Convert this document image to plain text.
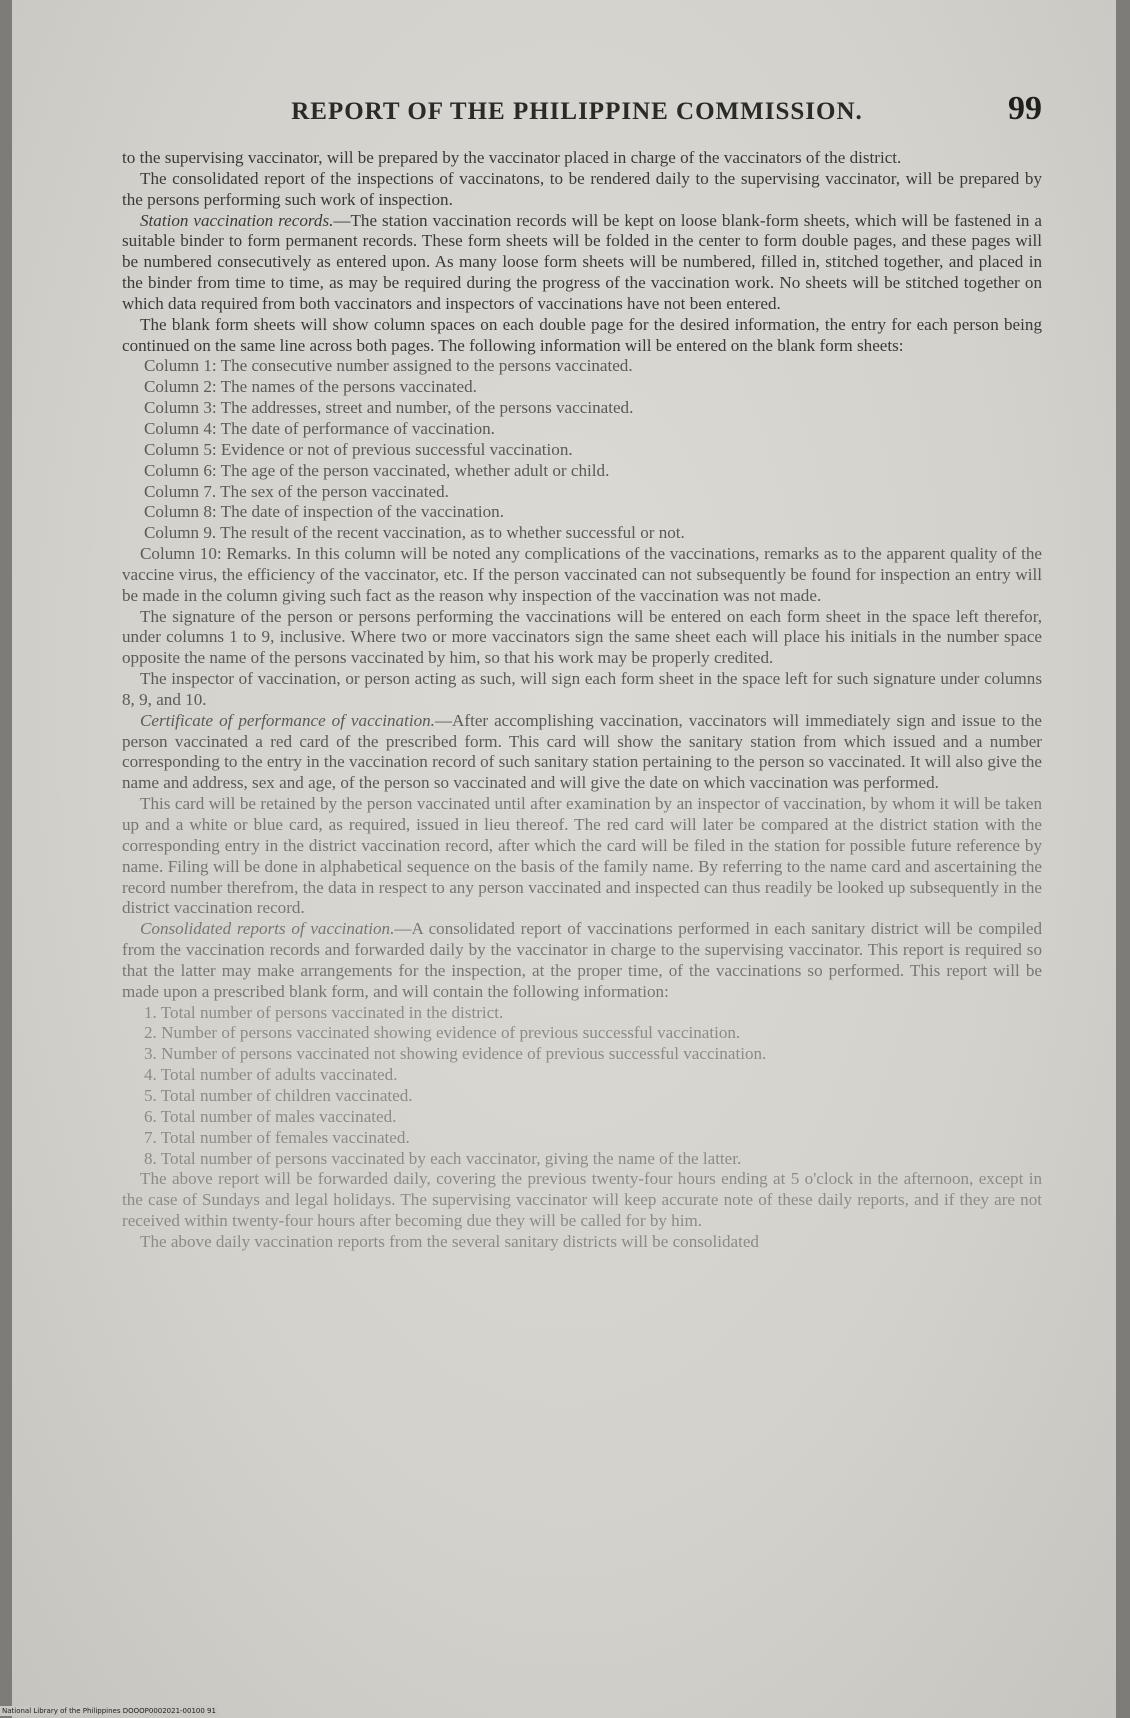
REPORT OF THE PHILIPPINE COMMISSION.	99

to the supervising vaccinator, will be prepared by the vaccinator placed in charge of the vaccinators of the district.

The consolidated report of the inspections of vaccinatons, to be rendered daily to the supervising vaccinator, will be prepared by the persons performing such work of inspection.

Station vaccination records.—The station vaccination records will be kept on loose blank-form sheets, which will be fastened in a suitable binder to form permanent records. These form sheets will be folded in the center to form double pages, and these pages will be numbered consecutively as entered upon. As many loose form sheets will be numbered, filled in, stitched together, and placed in the binder from time to time, as may be required during the progress of the vaccination work. No sheets will be stitched together on which data required from both vaccinators and inspectors of vaccinations have not been entered.

The blank form sheets will show column spaces on each double page for the desired information, the entry for each person being continued on the same line across both pages. The following information will be entered on the blank form sheets:

Column 1: The consecutive number assigned to the persons vaccinated.
Column 2: The names of the persons vaccinated.
Column 3: The addresses, street and number, of the persons vaccinated.
Column 4: The date of performance of vaccination.
Column 5: Evidence or not of previous successful vaccination.
Column 6: The age of the person vaccinated, whether adult or child.
Column 7. The sex of the person vaccinated.
Column 8: The date of inspection of the vaccination.
Column 9. The result of the recent vaccination, as to whether successful or not.

Column 10: Remarks. In this column will be noted any complications of the vaccinations, remarks as to the apparent quality of the vaccine virus, the efficiency of the vaccinator, etc. If the person vaccinated can not subsequently be found for inspection an entry will be made in the column giving such fact as the reason why inspection of the vaccination was not made.

The signature of the person or persons performing the vaccinations will be entered on each form sheet in the space left therefor, under columns 1 to 9, inclusive. Where two or more vaccinators sign the same sheet each will place his initials in the number space opposite the name of the persons vaccinated by him, so that his work may be properly credited.

The inspector of vaccination, or person acting as such, will sign each form sheet in the space left for such signature under columns 8, 9, and 10.

Certificate of performance of vaccination.—After accomplishing vaccination, vaccinators will immediately sign and issue to the person vaccinated a red card of the prescribed form. This card will show the sanitary station from which issued and a number corresponding to the entry in the vaccination record of such sanitary station pertaining to the person so vaccinated. It will also give the name and address, sex and age, of the person so vaccinated and will give the date on which vaccination was performed.

This card will be retained by the person vaccinated until after examination by an inspector of vaccination, by whom it will be taken up and a white or blue card, as required, issued in lieu thereof. The red card will later be compared at the district station with the corresponding entry in the district vaccination record, after which the card will be filed in the station for possible future reference by name. Filing will be done in alphabetical sequence on the basis of the family name. By referring to the name card and ascertaining the record number therefrom, the data in respect to any person vaccinated and inspected can thus readily be looked up subsequently in the district vaccination record.

Consolidated reports of vaccination.—A consolidated report of vaccinations performed in each sanitary district will be compiled from the vaccination records and forwarded daily by the vaccinator in charge to the supervising vaccinator. This report is required so that the latter may make arrangements for the inspection, at the proper time, of the vaccinations so performed. This report will be made upon a prescribed blank form, and will contain the following information:

1. Total number of persons vaccinated in the district.
2. Number of persons vaccinated showing evidence of previous successful vaccination.
3. Number of persons vaccinated not showing evidence of previous successful vaccination.
4. Total number of adults vaccinated.
5. Total number of children vaccinated.
6. Total number of males vaccinated.
7. Total number of females vaccinated.
8. Total number of persons vaccinated by each vaccinator, giving the name of the latter.

The above report will be forwarded daily, covering the previous twenty-four hours ending at 5 o'clock in the afternoon, except in the case of Sundays and legal holidays. The supervising vaccinator will keep accurate note of these daily reports, and if they are not received within twenty-four hours after becoming due they will be called for by him.

The above daily vaccination reports from the several sanitary districts will be consolidated

National Library of the Philippines DOOOP0002021-00100 91
